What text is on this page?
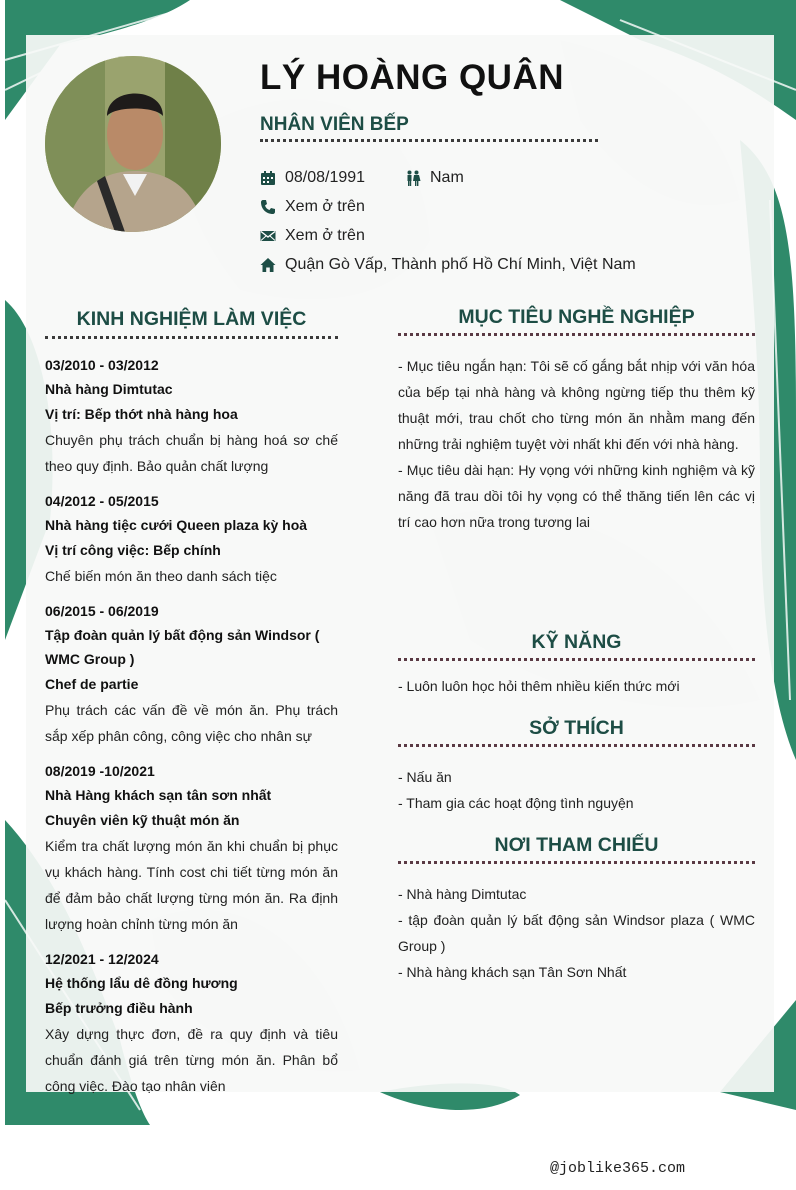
LÝ HOÀNG QUÂN
NHÂN VIÊN BẾP
08/08/1991	Nam
Xem ở trên
Xem ở trên
Quận Gò Vấp, Thành phố Hồ Chí Minh, Việt Nam
KINH NGHIỆM LÀM VIỆC
03/2010 - 03/2012
Nhà hàng Dimtutac
Vị trí: Bếp thớt nhà hàng hoa
Chuyên phụ trách chuẩn bị hàng hoá sơ chế theo quy định. Bảo quản chất lượng
04/2012 - 05/2015
Nhà hàng tiệc cưới Queen plaza kỳ hoà
Vị trí công việc: Bếp chính
Chế biến món ăn theo danh sách tiệc
06/2015 - 06/2019
Tập đoàn quản lý bất động sản Windsor ( WMC Group )
Chef de partie
Phụ trách các vấn đề về món ăn. Phụ trách sắp xếp phân công, công việc cho nhân sự
08/2019 -10/2021
Nhà Hàng khách sạn tân sơn nhất
Chuyên viên kỹ thuật món ăn
Kiểm tra chất lượng món ăn khi chuẩn bị phục vụ khách hàng. Tính cost chi tiết từng món ăn để đảm bảo chất lượng từng món ăn. Ra định lượng hoàn chỉnh từng món ăn
12/2021 - 12/2024
Hệ thống lẩu dê đồng hương
Bếp trưởng điều hành
Xây dựng thực đơn, đề ra quy định và tiêu chuẩn đánh giá trên từng món ăn. Phân bổ công việc. Đào tạo nhân viên
MỤC TIÊU NGHỀ NGHIỆP
- Mục tiêu ngắn hạn: Tôi sẽ cố gắng bắt nhịp với văn hóa của bếp tại nhà hàng và không ngừng tiếp thu thêm kỹ thuật mới, trau chốt cho từng món ăn nhằm mang đến những trải nghiệm tuyệt vời nhất khi đến với nhà hàng.
- Mục tiêu dài hạn: Hy vọng với những kinh nghiệm và kỹ năng đã trau dồi tôi hy vọng có thể thăng tiến lên các vị trí cao hơn nữa trong tương lai
KỸ NĂNG
- Luôn luôn học hỏi thêm nhiều kiến thức mới
SỞ THÍCH
- Nấu ăn
- Tham gia các hoạt động tình nguyện
NƠI THAM CHIẾU
- Nhà hàng Dimtutac
- tập đoàn quản lý bất động sản Windsor plaza ( WMC Group )
- Nhà hàng khách sạn Tân Sơn Nhất
@joblike365.com
